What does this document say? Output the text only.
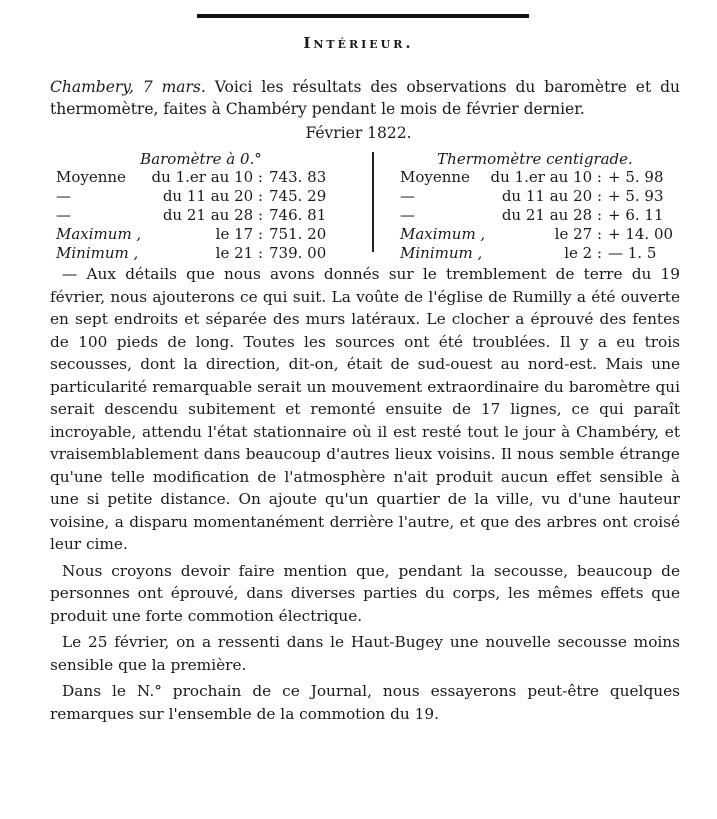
Intérieur.
Chambery, 7 mars. Voici les résultats des observations du baromètre et du thermomètre, faites à Chambéry pendant le mois de février dernier.
Février 1822.
Baromètre à 0.°
Moyenne	du 1.er au 10 : 743. 83
—	du 11 au 20 : 745. 29
—	du 21 au 28 : 746. 81
Maximum ,	le 17 : 751. 20
Minimum ,	le 21 : 739. 00
Thermomètre centigrade.
Moyenne	du 1.er au 10 : + 5. 98
—	du 11 au 20 : + 5. 93
—	du 21 au 28 : + 6. 11
Maximum ,	le 27 : + 14. 00
Minimum ,	le 2 : — 1. 5

— Aux détails que nous avons donnés sur le tremblement de terre du 19 février, nous ajouterons ce qui suit. La voûte de l'église de Rumilly a été ouverte en sept endroits et séparée des murs latéraux. Le clocher a éprouvé des fentes de 100 pieds de long. Toutes les sources ont été troublées. Il y a eu trois secousses, dont la direction, dit-on, était de sud-ouest au nord-est. Mais une particularité remarquable serait un mouvement extraordinaire du baromètre qui serait descendu subitement et remonté ensuite de 17 lignes, ce qui paraît incroyable, attendu l'état stationnaire où il est resté tout le jour à Chambéry, et vraisemblablement dans beaucoup d'autres lieux voisins. Il nous semble étrange qu'une telle modification de l'atmosphère n'ait produit aucun effet sensible à une si petite distance. On ajoute qu'un quartier de la ville, vu d'une hauteur voisine, a disparu momentanément derrière l'autre, et que des arbres ont croisé leur cime.

Nous croyons devoir faire mention que, pendant la secousse, beaucoup de personnes ont éprouvé, dans diverses parties du corps, les mêmes effets que produit une forte commotion électrique.

Le 25 février, on a ressenti dans le Haut-Bugey une nouvelle secousse moins sensible que la première.

Dans le N.° prochain de ce Journal, nous essayerons peut-être quelques remarques sur l'ensemble de la commotion du 19.
